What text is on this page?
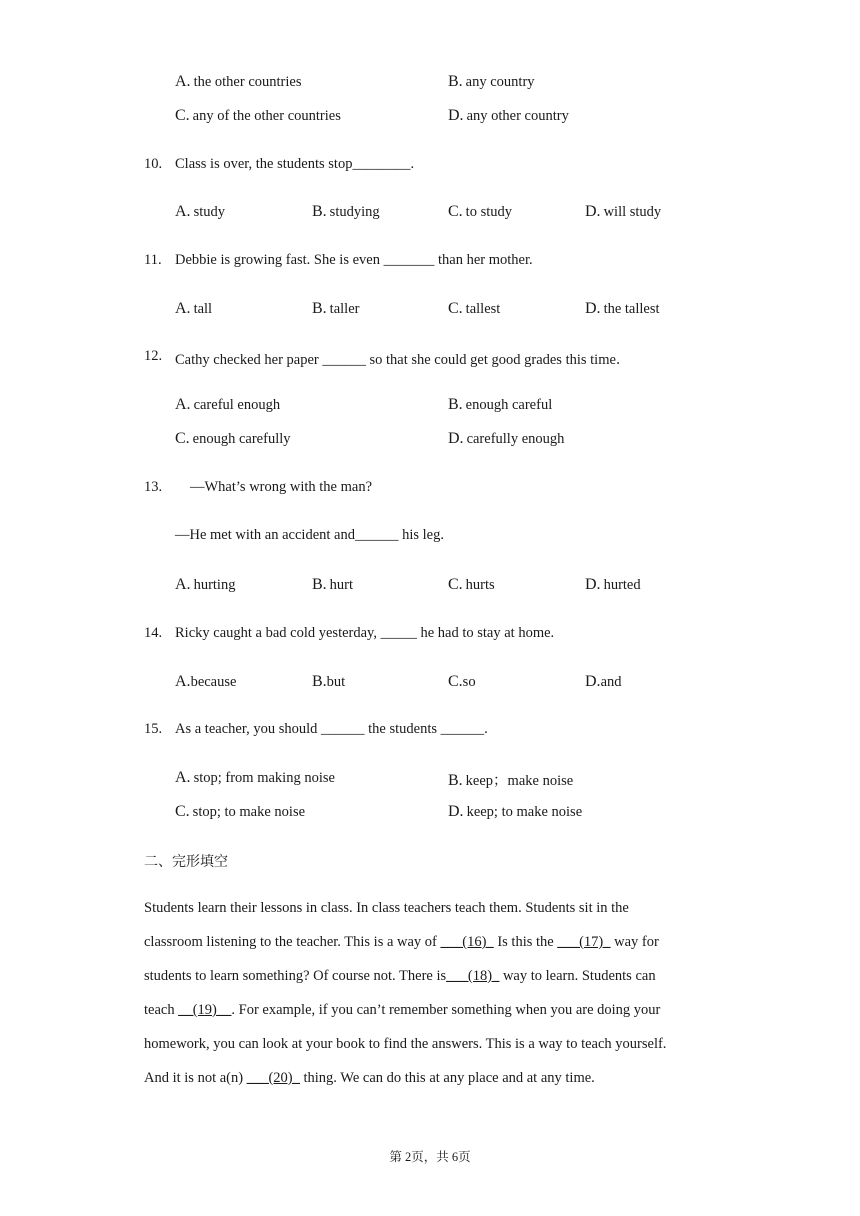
A. the other countries	B. any country
C. any of the other countries	D. any other country
10. Class is over, the students stop________.
A. study	B. studying	C. to study	D. will study
11. Debbie is growing fast. She is even _______ than her mother.
A. tall	B. taller	C. tallest	D. the tallest
12. Cathy checked her paper ______ so that she could get good grades this time．
A. careful enough	B. enough careful
C. enough carefully	D. carefully enough
13. —What’s wrong with the man?
—He met with an accident and______ his leg.
A. hurting	B. hurt	C. hurts	D. hurted
14. Ricky caught a bad cold yesterday, _____ he had to stay at home.
A.because	B.but	C.so	D.and
15. As a teacher, you should ______ the students ______.
A. stop; from making noise	B. keep；make noise
C. stop; to make noise	D. keep; to make noise
二、完形填空
Students learn their lessons in class. In class teachers teach them. Students sit in the
classroom listening to the teacher. This is a way of ___(16)_ Is this the ___(17)_ way for
students to learn something? Of course not. There is___(18)_ way to learn. Students can
teach __(19)__. For example, if you can’t remember something when you are doing your
homework, you can look at your book to find the answers. This is a way to teach yourself.
And it is not a(n) ___(20)_ thing. We can do this at any place and at any time.
第 2页，共 6页
